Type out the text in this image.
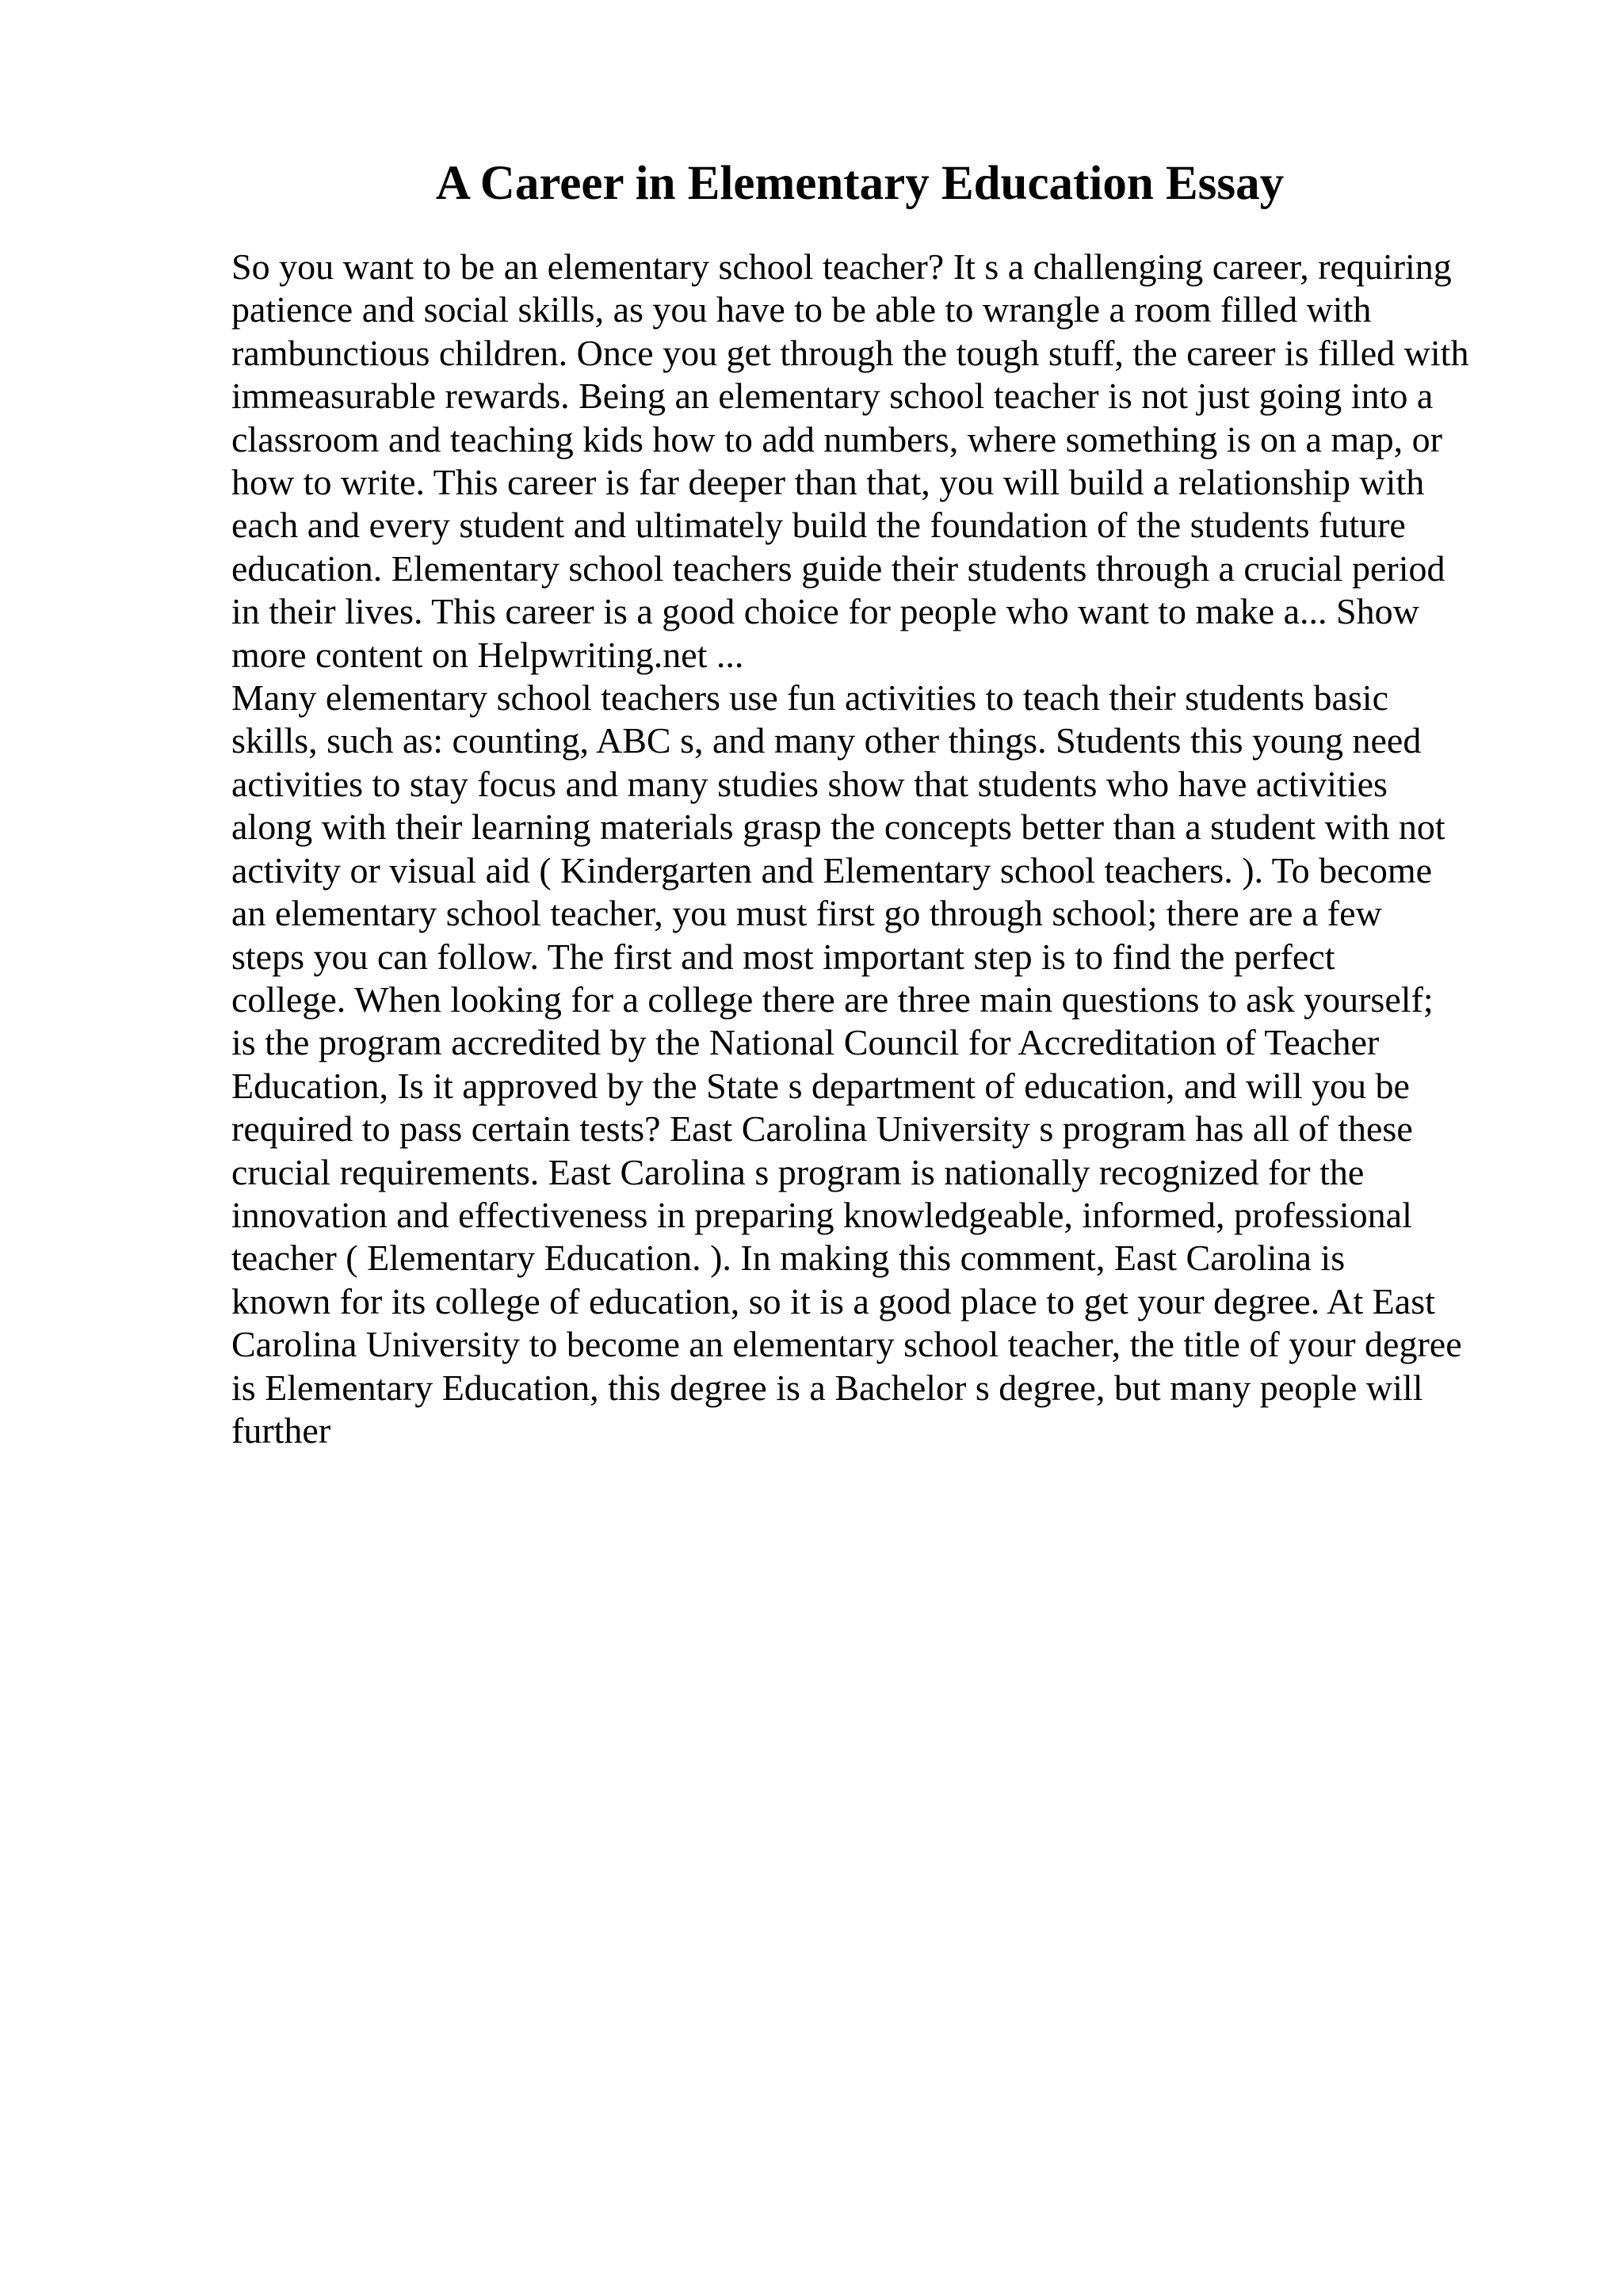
A Career in Elementary Education Essay
So you want to be an elementary school teacher? It s a challenging career, requiring
patience and social skills, as you have to be able to wrangle a room filled with
rambunctious children. Once you get through the tough stuff, the career is filled with
immeasurable rewards. Being an elementary school teacher is not just going into a
classroom and teaching kids how to add numbers, where something is on a map, or
how to write. This career is far deeper than that, you will build a relationship with
each and every student and ultimately build the foundation of the students future
education. Elementary school teachers guide their students through a crucial period
in their lives. This career is a good choice for people who want to make a... Show
more content on Helpwriting.net ...
Many elementary school teachers use fun activities to teach their students basic
skills, such as: counting, ABC s, and many other things. Students this young need
activities to stay focus and many studies show that students who have activities
along with their learning materials grasp the concepts better than a student with not
activity or visual aid ( Kindergarten and Elementary school teachers. ). To become
an elementary school teacher, you must first go through school; there are a few
steps you can follow. The first and most important step is to find the perfect
college. When looking for a college there are three main questions to ask yourself;
is the program accredited by the National Council for Accreditation of Teacher
Education, Is it approved by the State s department of education, and will you be
required to pass certain tests? East Carolina University s program has all of these
crucial requirements. East Carolina s program is nationally recognized for the
innovation and effectiveness in preparing knowledgeable, informed, professional
teacher ( Elementary Education. ). In making this comment, East Carolina is
known for its college of education, so it is a good place to get your degree. At East
Carolina University to become an elementary school teacher, the title of your degree
is Elementary Education, this degree is a Bachelor s degree, but many people will
further
